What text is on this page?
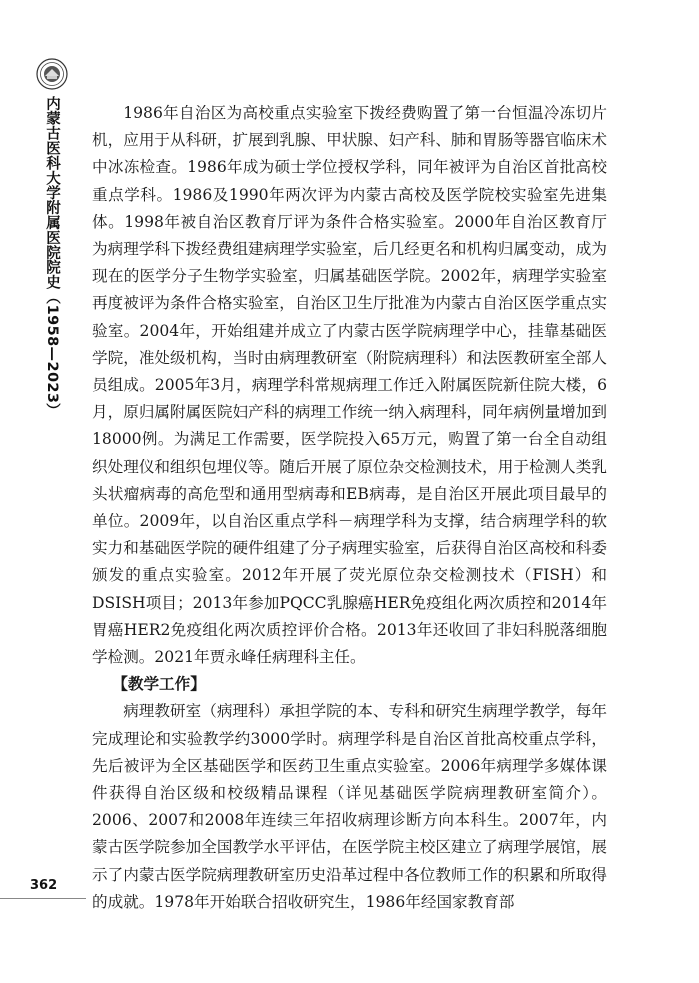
内蒙古医科大学附属医院院史（1958—2023）	1986年自治区为高校重点实验室下拨经费购置了第一台恒温冷冻切片机，应用于从科研，扩展到乳腺、甲状腺、妇产科、肺和胃肠等器官临床术中冰冻检查。1986年成为硕士学位授权学科，同年被评为自治区首批高校重点学科。1986及1990年两次评为内蒙古高校及医学院校实验室先进集体。1998年被自治区教育厅评为条件合格实验室。2000年自治区教育厅为病理学科下拨经费组建病理学实验室，后几经更名和机构归属变动，成为现在的医学分子生物学实验室，归属基础医学院。2002年，病理学实验室再度被评为条件合格实验室，自治区卫生厅批准为内蒙古自治区医学重点实验室。2004年，开始组建并成立了内蒙古医学院病理学中心，挂靠基础医学院，准处级机构，当时由病理教研室（附院病理科）和法医教研室全部人员组成。2005年3月，病理学科常规病理工作迁入附属医院新住院大楼，6月，原归属附属医院妇产科的病理工作统一纳入病理科，同年病例量增加到18000例。为满足工作需要，医学院投入65万元，购置了第一台全自动组织处理仪和组织包埋仪等。随后开展了原位杂交检测技术，用于检测人类乳头状瘤病毒的高危型和通用型病毒和EB病毒，是自治区开展此项目最早的单位。2009年，以自治区重点学科－病理学科为支撑，结合病理学科的软实力和基础医学院的硬件组建了分子病理实验室，后获得自治区高校和科委颁发的重点实验室。2012年开展了荧光原位杂交检测技术（FISH）和DSISH项目；2013年参加PQCC乳腺癌HER免疫组化两次质控和2014年胃癌HER2免疫组化两次质控评价合格。2013年还收回了非妇科脱落细胞学检测。2021年贾永峰任病理科主任。

【教学工作】

病理教研室（病理科）承担学院的本、专科和研究生病理学教学，每年完成理论和实验教学约3000学时。病理学科是自治区首批高校重点学科，先后被评为全区基础医学和医药卫生重点实验室。2006年病理学多媒体课件获得自治区级和校级精品课程（详见基础医学院病理教研室简介）。2006、2007和2008年连续三年招收病理诊断方向本科生。2007年，内蒙古医学院参加全国教学水平评估，在医学院主校区建立了病理学展馆，展示了内蒙古医学院病理教研室历史沿革过程中各位教师工作的积累和所取得的成就。1978年开始联合招收研究生，1986年经国家教育部

362
